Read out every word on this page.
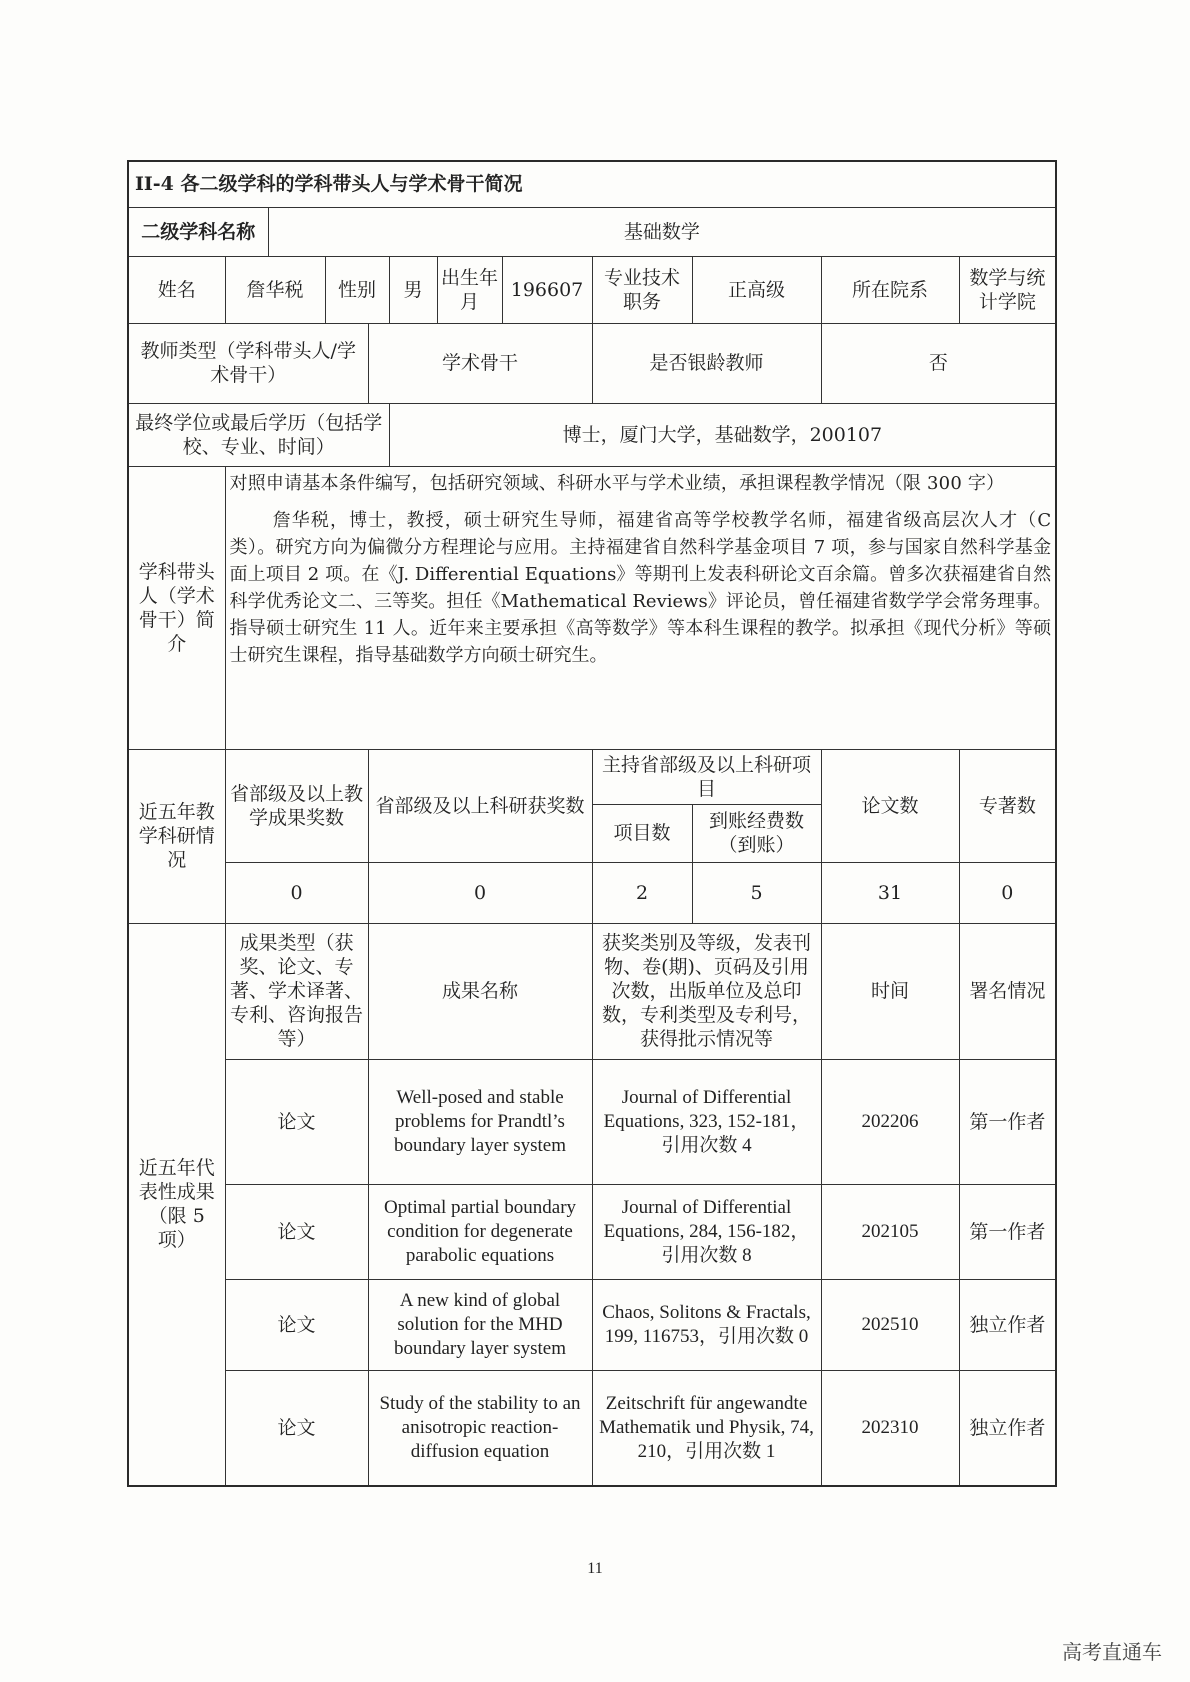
II-4 各二级学科的学科带头人与学术骨干简况											
二级学科名称		基础数学									
姓名	詹华税		性别		男	出生年月	196607	专业技术职务	正高级	所在院系	数学与统计学院
教师类型（学科带头人/学术骨干）				学术骨干				是否银龄教师		否	
最终学位或最后学历（包括学校、专业、时间）					博士，厦门大学，基础数学，200107						
学科带头人（学术骨干）简介	对照申请基本条件编写，包括研究领域、科研水平与学术业绩，承担课程教学情况（限 300 字）
詹华税，博士，教授，硕士研究生导师，福建省高等学校教学名师，福建省级高层次人才（C类）。研究方向为偏微分方程理论与应用。主持福建省自然科学基金项目 7 项，参与国家自然科学基金面上项目 2 项。在《J. Differential Equations》等期刊上发表科研论文百余篇。曾多次获福建省自然科学优秀论文二、三等奖。担任《Mathematical Reviews》评论员，曾任福建省数学学会常务理事。指导硕士研究生 11 人。近年来主要承担《高等数学》等本科生课程的教学。拟承担《现代分析》等硕士研究生课程，指导基础数学方向硕士研究生。										

近五年教学科研情况	省部级及以上教学成果奖数			省部级及以上科研获奖数				主持省部级及以上科研项目		论文数	专著数
								项目数	到账经费数（到账）		
	0			0				2	5	31	0
近五年代表性成果（限 5 项）	成果类型（获奖、论文、专著、学术译著、专利、咨询报告等）			成果名称				获奖类别及等级，发表刊物、卷(期)、页码及引用次数，出版单位及总印数，专利类型及专利号，获得批示情况等		时间	署名情况
	论文			Well-posed and stable problems for Prandtl’s boundary layer system				Journal of Differential Equations, 323, 152-181，引用次数 4		202206	第一作者
	论文			Optimal partial boundary condition for degenerate parabolic equations				Journal of Differential Equations, 284, 156-182，引用次数 8		202105	第一作者
	论文			A new kind of global solution for the MHD boundary layer system				Chaos, Solitons & Fractals, 199, 116753，引用次数 0		202510	独立作者
	论文			Study of the stability to an anisotropic reaction-diffusion equation				Zeitschrift für angewandte Mathematik und Physik, 74, 210，引用次数 1		202310	独立作者
11
高考直通车
